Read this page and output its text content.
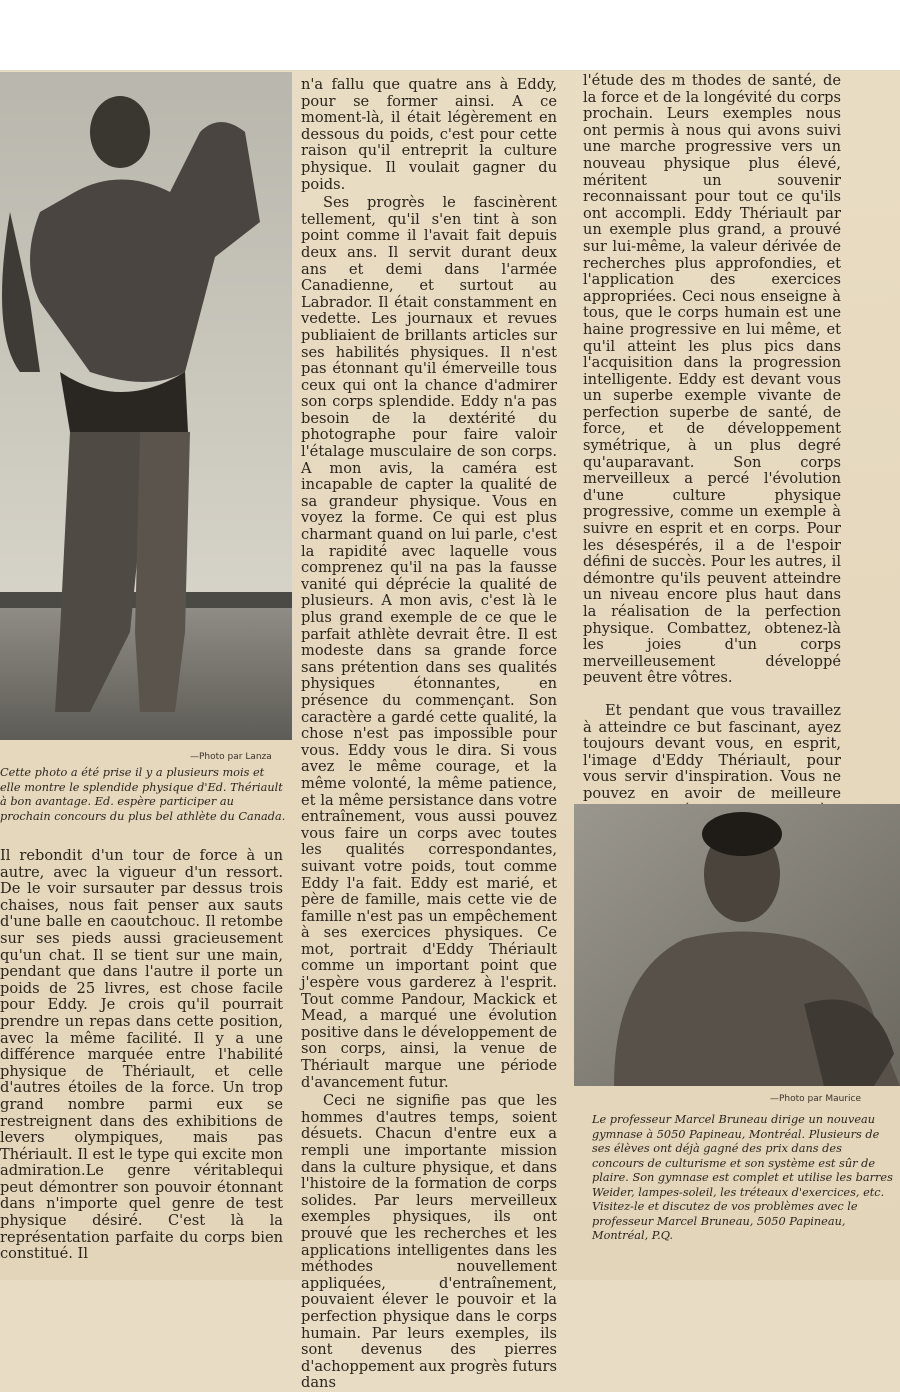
—Photo par Lanza

Cette photo a été prise il y a plusieurs mois et elle montre le splendide physique d'Ed. Thériault à bon avantage. Ed. espère participer au prochain concours du plus bel athlète du Canada.

Il rebondit d'un tour de force à un autre, avec la vigueur d'un ressort. De le voir sursauter par dessus trois chaises, nous fait penser aux sauts d'une balle en caoutchouc. Il retombe sur ses pieds aussi gracieusement qu'un chat. Il se tient sur une main, pendant que dans l'autre il porte un poids de 25 livres, est chose facile pour Eddy. Je crois qu'il pourrait prendre un repas dans cette position, avec la même facilité. Il y a une différence marquée entre l'habilité physique de Thériault, et celle d'autres étoiles de la force. Un trop grand nombre parmi eux se restreignent dans des exhibitions de levers olympiques, mais pas Thériault. Il est le type qui excite mon admiration.Le genre véritablequi peut démontrer son pouvoir étonnant dans n'importe quel genre de test physique désiré. C'est là la représentation parfaite du corps bien constitué. Il

n'a fallu que quatre ans à Eddy, pour se former ainsi. A ce moment-là, il était légèrement en dessous du poids, c'est pour cette raison qu'il entreprit la culture physique. Il voulait gagner du poids.

Ses progrès le fascinèrent tellement, qu'il s'en tint à son point comme il l'avait fait depuis deux ans. Il servit durant deux ans et demi dans l'armée Canadienne, et surtout au Labrador. Il était constamment en vedette. Les journaux et revues publiaient de brillants articles sur ses habilités physiques. Il n'est pas étonnant qu'il émerveille tous ceux qui ont la chance d'admirer son corps splendide. Eddy n'a pas besoin de la dextérité du photographe pour faire valoir l'étalage musculaire de son corps. A mon avis, la caméra est incapable de capter la qualité de sa grandeur physique. Vous en voyez la forme. Ce qui est plus charmant quand on lui parle, c'est la rapidité avec laquelle vous comprenez qu'il na pas la fausse vanité qui déprécie la qualité de plusieurs. A mon avis, c'est là le plus grand exemple de ce que le parfait athlète devrait être. Il est modeste dans sa grande force sans prétention dans ses qualités physiques étonnantes, en présence du commençant. Son caractère a gardé cette qualité, la chose n'est pas impossible pour vous. Eddy vous le dira. Si vous avez le même courage, et la même volonté, la même patience, et la même persistance dans votre entraînement, vous aussi pouvez vous faire un corps avec toutes les qualités correspondantes, suivant votre poids, tout comme Eddy l'a fait. Eddy est marié, et père de famille, mais cette vie de famille n'est pas un empêchement à ses exercices physiques. Ce mot, portrait d'Eddy Thériault comme un important point que j'espère vous garderez à l'esprit. Tout comme Pandour, Mackick et Mead, a marqué une évolution positive dans le développement de son corps, ainsi, la venue de Thériault marque une période d'avancement futur.

Ceci ne signifie pas que les hommes d'autres temps, soient désuets. Chacun d'entre eux a rempli une importante mission dans la culture physique, et dans l'histoire de la formation de corps solides. Par leurs merveilleux exemples physiques, ils ont prouvé que les recherches et les applications intelligentes dans les méthodes nouvellement appliquées, d'entraînement, pouvaient élever le pouvoir et la perfection physique dans le corps humain. Par leurs exemples, ils sont devenus des pierres d'achoppement aux progrès futurs dans

l'étude des m thodes de santé, de la force et de la longévité du corps prochain. Leurs exemples nous ont permis à nous qui avons suivi une marche progressive vers un nouveau physique plus élevé, méritent un souvenir reconnaissant pour tout ce qu'ils ont accompli. Eddy Thériault par un exemple plus grand, a prouvé sur lui-même, la valeur dérivée de recherches plus approfondies, et l'application des exercices appropriées. Ceci nous enseigne à tous, que le corps humain est une haine progressive en lui même, et qu'il atteint les plus pics dans l'acquisition dans la progression intelligente. Eddy est devant vous un superbe exemple vivante de perfection superbe de santé, de force, et de développement symétrique, à un plus degré qu'auparavant. Son corps merveilleux a percé l'évolution d'une culture physique progressive, comme un exemple à suivre en esprit et en corps. Pour les désespérés, il a de l'espoir défini de succès. Pour les autres, il démontre qu'ils peuvent atteindre un niveau encore plus haut dans la réalisation de la perfection physique. Combattez, obtenez-là les joies d'un corps merveilleusement développé peuvent être vôtres.

Et pendant que vous travaillez à atteindre ce but fascinant, ayez toujours devant vous, en esprit, l'image d'Eddy Thériault, pour vous servir d'inspiration. Vous ne pouvez en avoir de meilleure

—Photo par Maurice

Le professeur Marcel Bruneau dirige un nouveau gymnase à 5050 Papineau, Montréal. Plusieurs de ses élèves ont déjà gagné des prix dans des concours de culturisme et son système est sûr de plaire. Son gymnase est complet et utilise les barres Weider, lampes-soleil, les tréteaux d'exercices, etc. Visitez-le et discutez de vos problèmes avec le professeur Marcel Bruneau, 5050 Papineau, Montréal, P.Q.
